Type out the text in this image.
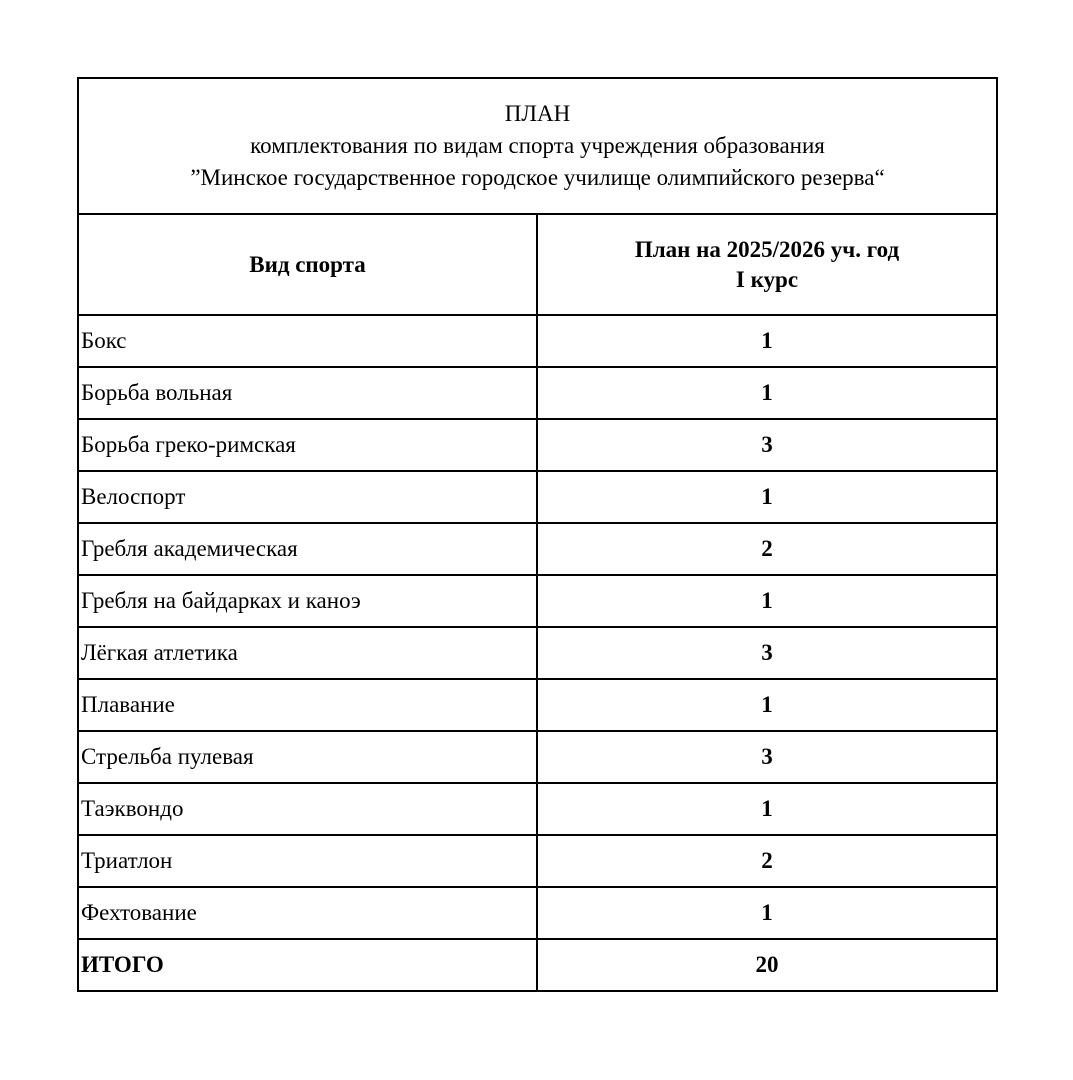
ПЛАН
комплектования по видам спорта учреждения образования
”Минское государственное городское училище олимпийского резерва“	

Вид спорта	План на 2025/2026 уч. год
I курс

Бокс	1
Борьба вольная	1
Борьба греко-римская	3
Велоспорт	1
Гребля академическая	2
Гребля на байдарках и каноэ	1
Лёгкая атлетика	3
Плавание	1
Стрельба пулевая	3
Таэквондо	1
Триатлон	2
Фехтование	1
ИТОГО	20
